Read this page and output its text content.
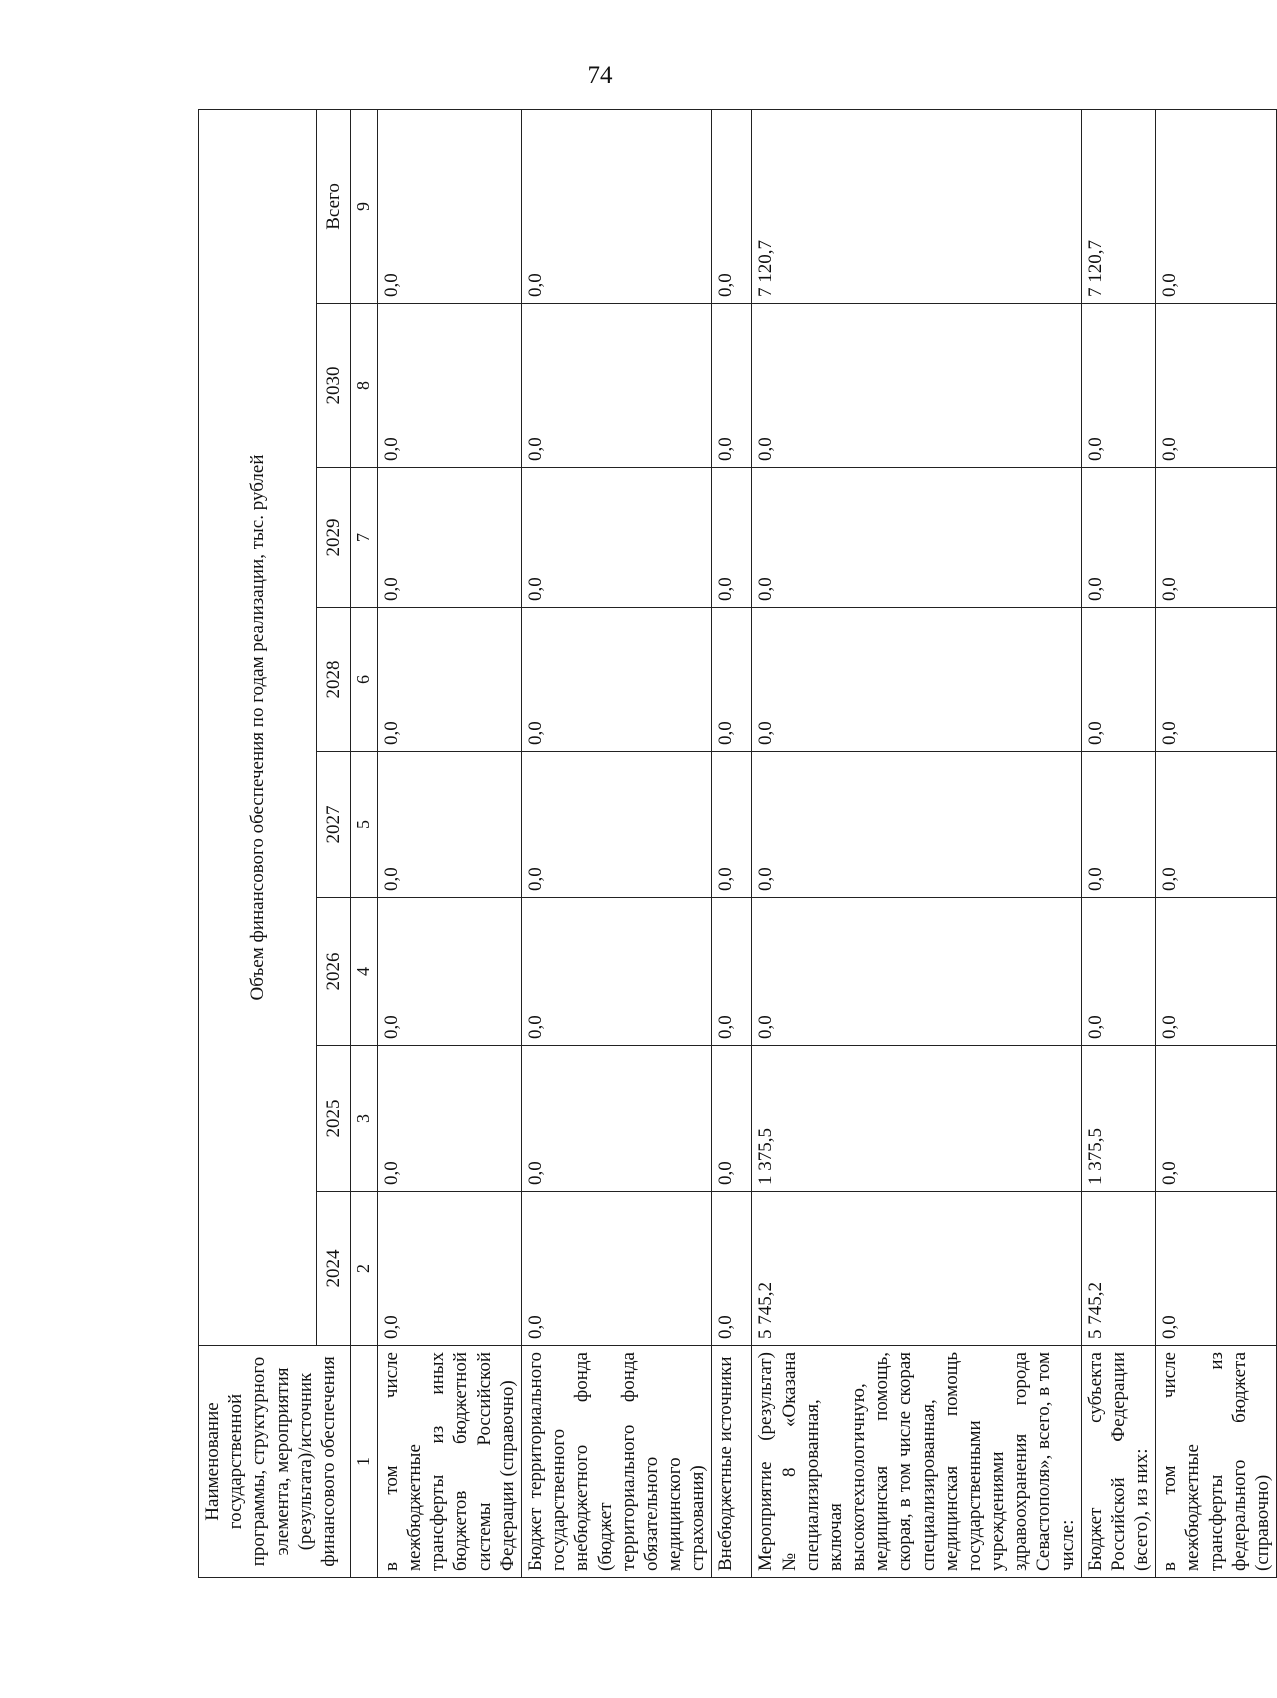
74
Наименование государственной программы, структурного элемента, мероприятия (результата)/источник финансового обеспечения	Объем финансового обеспечения по годам реализации, тыс. рублей							
	2024	2025	2026	2027	2028	2029	2030	Всего
1	2	3	4	5	6	7	8	9
в том числе межбюджетные трансферты из иных бюджетов бюджетной системы Российской Федерации (справочно)	0,0	0,0	0,0	0,0	0,0	0,0	0,0	0,0
Бюджет территориального государственного внебюджетного фонда (бюджет территориального фонда обязательного медицинского страхования)	0,0	0,0	0,0	0,0	0,0	0,0	0,0	0,0
Внебюджетные источники	0,0	0,0	0,0	0,0	0,0	0,0	0,0	0,0
Мероприятие (результат) № 8 «Оказана специализированная, включая высокотехнологичную, медицинская помощь, скорая, в том числе скорая специализированная, медицинская помощь государственными учреждениями здравоохранения города Севастополя», всего, в том числе:	5 745,2	1 375,5	0,0	0,0	0,0	0,0	0,0	7 120,7
Бюджет субъекта Российской Федерации (всего), из них:	5 745,2	1 375,5	0,0	0,0	0,0	0,0	0,0	7 120,7
в том числе межбюджетные трансферты из федерального бюджета (справочно)	0,0	0,0	0,0	0,0	0,0	0,0	0,0	0,0
